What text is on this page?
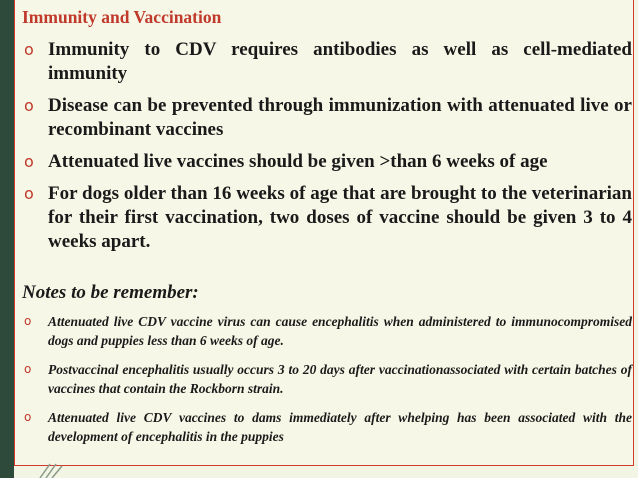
Immunity and Vaccination
o Immunity to CDV requires antibodies as well as cell-mediated immunity
o Disease can be prevented through immunization with attenuated live or recombinant vaccines
o Attenuated live vaccines should be given >than 6 weeks of age
o For dogs older than 16 weeks of age that are brought to the veterinarian for their first vaccination, two doses of vaccine should be given 3 to 4 weeks apart.
Notes to be remember:
o Attenuated live CDV vaccine virus can cause encephalitis when administered to immunocompromised dogs and puppies less than 6 weeks of age.
o Postvaccinal encephalitis usually occurs 3 to 20 days after vaccinationassociated with certain batches of vaccines that contain the Rockborn strain.
o Attenuated live CDV vaccines to dams immediately after whelping has been associated with the development of encephalitis in the puppies
